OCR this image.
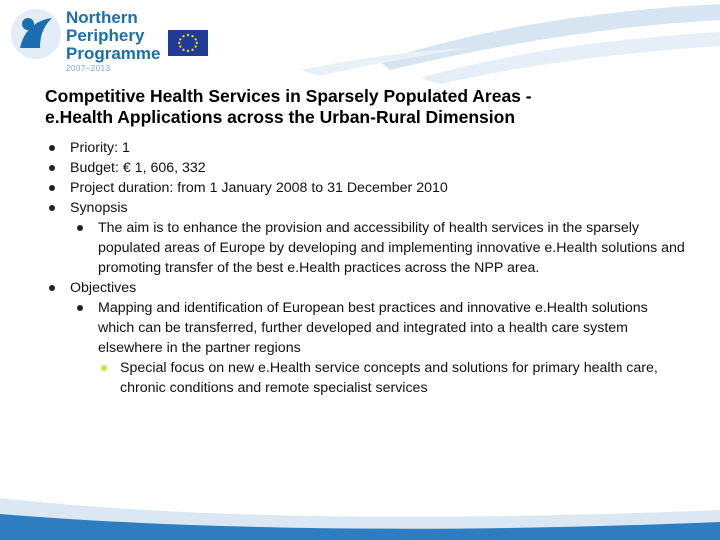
Northern
Periphery
Programme
2007–2013
Competitive Health Services in Sparsely Populated Areas -
e.Health Applications across the Urban-Rural Dimension
Priority: 1
Budget: € 1, 606, 332
Project duration: from 1 January 2008 to 31 December 2010
Synopsis
The aim is to enhance the provision and accessibility of health services in the sparsely populated areas of Europe by developing and implementing innovative e.Health solutions and promoting transfer of the best e.Health practices across the NPP area.
Objectives
Mapping and identification of European best practices and innovative e.Health solutions which can be transferred, further developed and integrated into a health care system elsewhere in the partner regions
Special focus on new e.Health service concepts and solutions for primary health care, chronic conditions and remote specialist services
